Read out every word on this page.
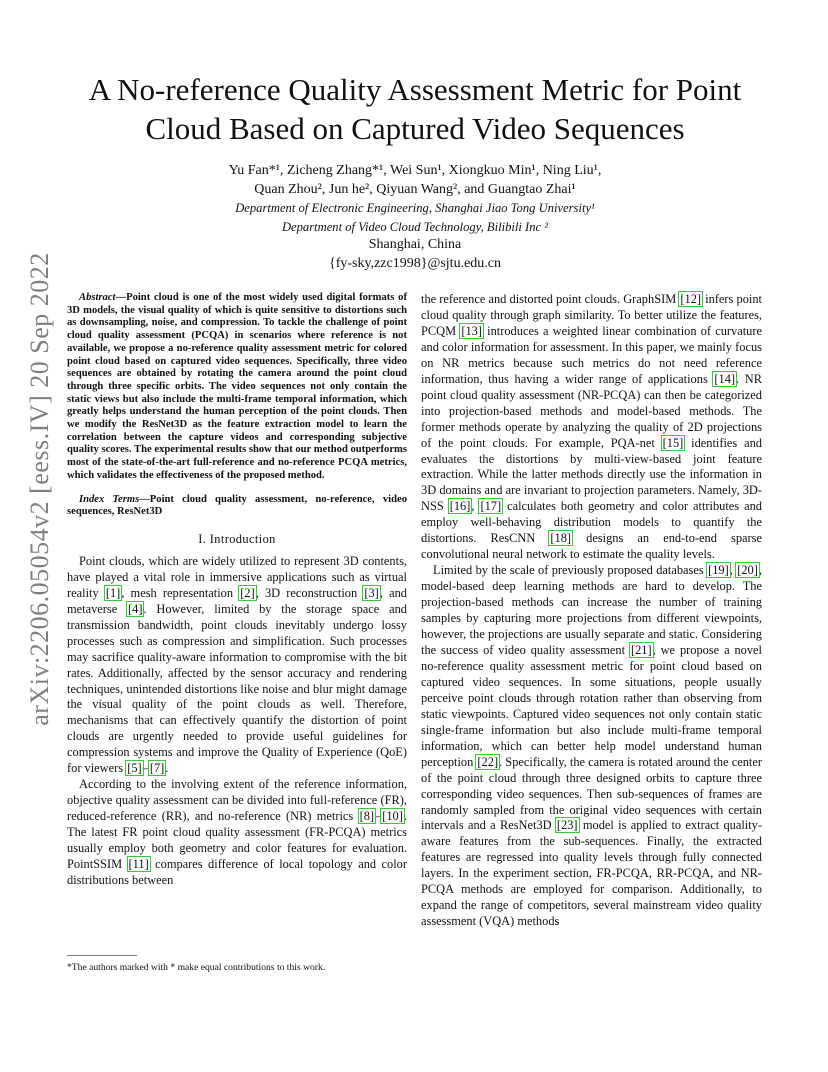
arXiv:2206.05054v2 [eess.IV] 20 Sep 2022
A No-reference Quality Assessment Metric for Point Cloud Based on Captured Video Sequences
Yu Fan*¹, Zicheng Zhang*¹, Wei Sun¹, Xiongkuo Min¹, Ning Liu¹,
Quan Zhou², Jun he², Qiyuan Wang², and Guangtao Zhai¹
Department of Electronic Engineering, Shanghai Jiao Tong University¹
Department of Video Cloud Technology, Bilibili Inc ²
Shanghai, China
{fy-sky,zzc1998}@sjtu.edu.cn

Abstract—Point cloud is one of the most widely used digital formats of 3D models, the visual quality of which is quite sensitive to distortions such as downsampling, noise, and compression. To tackle the challenge of point cloud quality assessment (PCQA) in scenarios where reference is not available, we propose a no-reference quality assessment metric for colored point cloud based on captured video sequences. Specifically, three video sequences are obtained by rotating the camera around the point cloud through three specific orbits. The video sequences not only contain the static views but also include the multi-frame temporal information, which greatly helps understand the human perception of the point clouds. Then we modify the ResNet3D as the feature extraction model to learn the correlation between the capture videos and corresponding subjective quality scores. The experimental results show that our method outperforms most of the state-of-the-art full-reference and no-reference PCQA metrics, which validates the effectiveness of the proposed method.

Index Terms—Point cloud quality assessment, no-reference, video sequences, ResNet3D

I. Introduction

Point clouds, which are widely utilized to represent 3D contents, have played a vital role in immersive applications such as virtual reality [1], mesh representation [2], 3D reconstruction [3], and metaverse [4]. However, limited by the storage space and transmission bandwidth, point clouds inevitably undergo lossy processes such as compression and simplification. Such processes may sacrifice quality-aware information to compromise with the bit rates. Additionally, affected by the sensor accuracy and rendering techniques, unintended distortions like noise and blur might damage the visual quality of the point clouds as well. Therefore, mechanisms that can effectively quantify the distortion of point clouds are urgently needed to provide useful guidelines for compression systems and improve the Quality of Experience (QoE) for viewers [5]–[7].

According to the involving extent of the reference information, objective quality assessment can be divided into full-reference (FR), reduced-reference (RR), and no-reference (NR) metrics [8]–[10]. The latest FR point cloud quality assessment (FR-PCQA) metrics usually employ both geometry and color features for evaluation. PointSSIM [11] compares difference of local topology and color distributions between

the reference and distorted point clouds. GraphSIM [12] infers point cloud quality through graph similarity. To better utilize the features, PCQM [13] introduces a weighted linear combination of curvature and color information for assessment. In this paper, we mainly focus on NR metrics because such metrics do not need reference information, thus having a wider range of applications [14]. NR point cloud quality assessment (NR-PCQA) can then be categorized into projection-based methods and model-based methods. The former methods operate by analyzing the quality of 2D projections of the point clouds. For example, PQA-net [15] identifies and evaluates the distortions by multi-view-based joint feature extraction. While the latter methods directly use the information in 3D domains and are invariant to projection parameters. Namely, 3D-NSS [16], [17] calculates both geometry and color attributes and employ well-behaving distribution models to quantify the distortions. ResCNN [18] designs an end-to-end sparse convolutional neural network to estimate the quality levels.

Limited by the scale of previously proposed databases [19], [20], model-based deep learning methods are hard to develop. The projection-based methods can increase the number of training samples by capturing more projections from different viewpoints, however, the projections are usually separate and static. Considering the success of video quality assessment [21], we propose a novel no-reference quality assessment metric for point cloud based on captured video sequences. In some situations, people usually perceive point clouds through rotation rather than observing from static viewpoints. Captured video sequences not only contain static single-frame information but also include multi-frame temporal information, which can better help model understand human perception [22]. Specifically, the camera is rotated around the center of the point cloud through three designed orbits to capture three corresponding video sequences. Then sub-sequences of frames are randomly sampled from the original video sequences with certain intervals and a ResNet3D [23] model is applied to extract quality-aware features from the sub-sequences. Finally, the extracted features are regressed into quality levels through fully connected layers. In the experiment section, FR-PCQA, RR-PCQA, and NR-PCQA methods are employed for comparison. Additionally, to expand the range of competitors, several mainstream video quality assessment (VQA) methods

*The authors marked with * make equal contributions to this work.
